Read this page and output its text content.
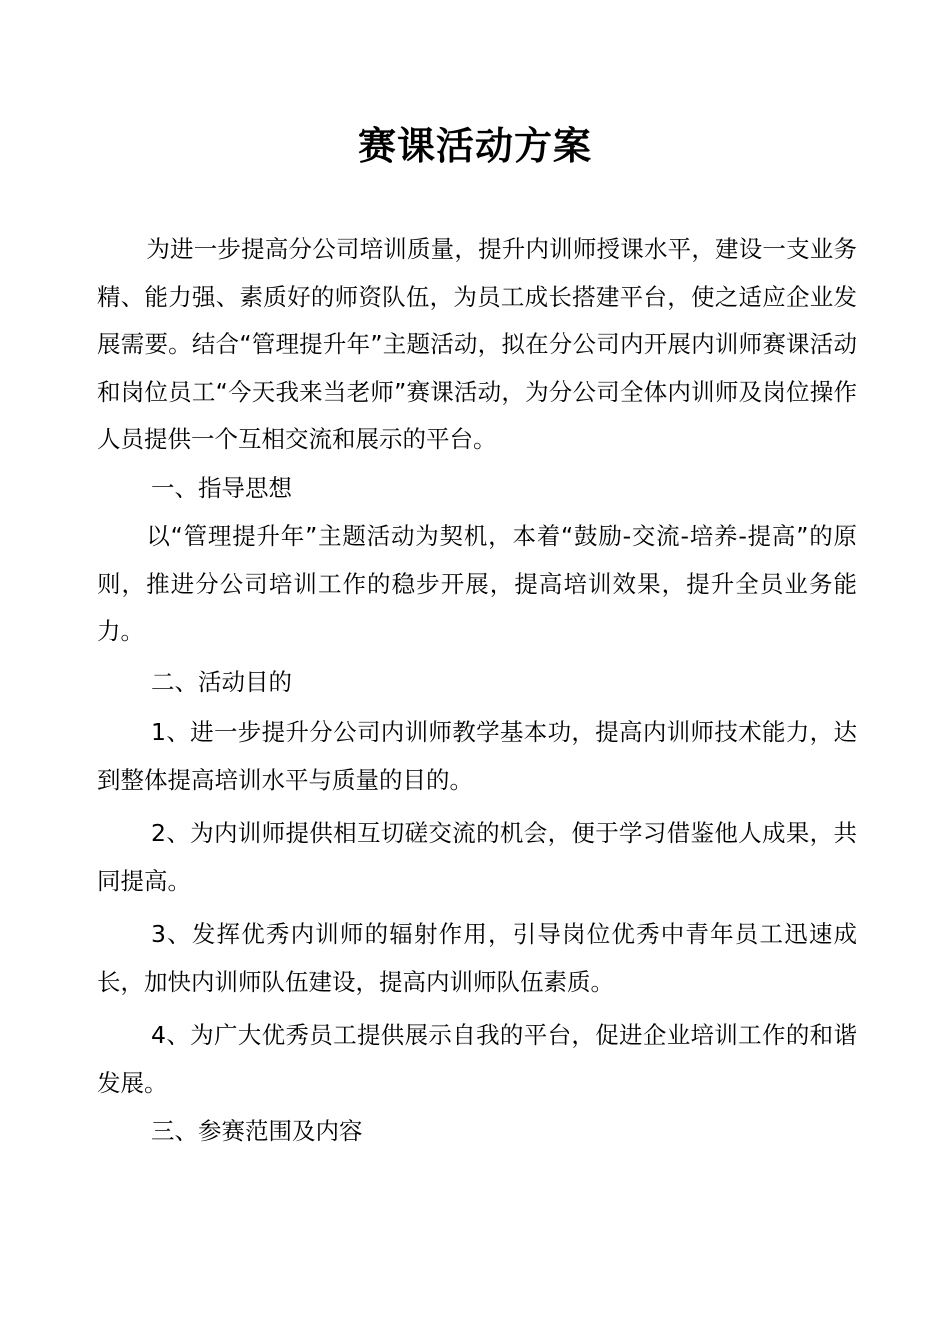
赛课活动方案

为进一步提高分公司培训质量，提升内训师授课水平，建设一支业务精、能力强、素质好的师资队伍，为员工成长搭建平台，使之适应企业发展需要。结合“管理提升年”主题活动，拟在分公司内开展内训师赛课活动和岗位员工“今天我来当老师”赛课活动，为分公司全体内训师及岗位操作人员提供一个互相交流和展示的平台。

一、指导思想

以“管理提升年”主题活动为契机，本着“鼓励-交流-培养-提高”的原则，推进分公司培训工作的稳步开展，提高培训效果，提升全员业务能力。

二、活动目的

1、进一步提升分公司内训师教学基本功，提高内训师技术能力，达到整体提高培训水平与质量的目的。

2、为内训师提供相互切磋交流的机会，便于学习借鉴他人成果，共同提高。

3、发挥优秀内训师的辐射作用，引导岗位优秀中青年员工迅速成长，加快内训师队伍建设，提高内训师队伍素质。

4、为广大优秀员工提供展示自我的平台，促进企业培训工作的和谐发展。

三、参赛范围及内容
